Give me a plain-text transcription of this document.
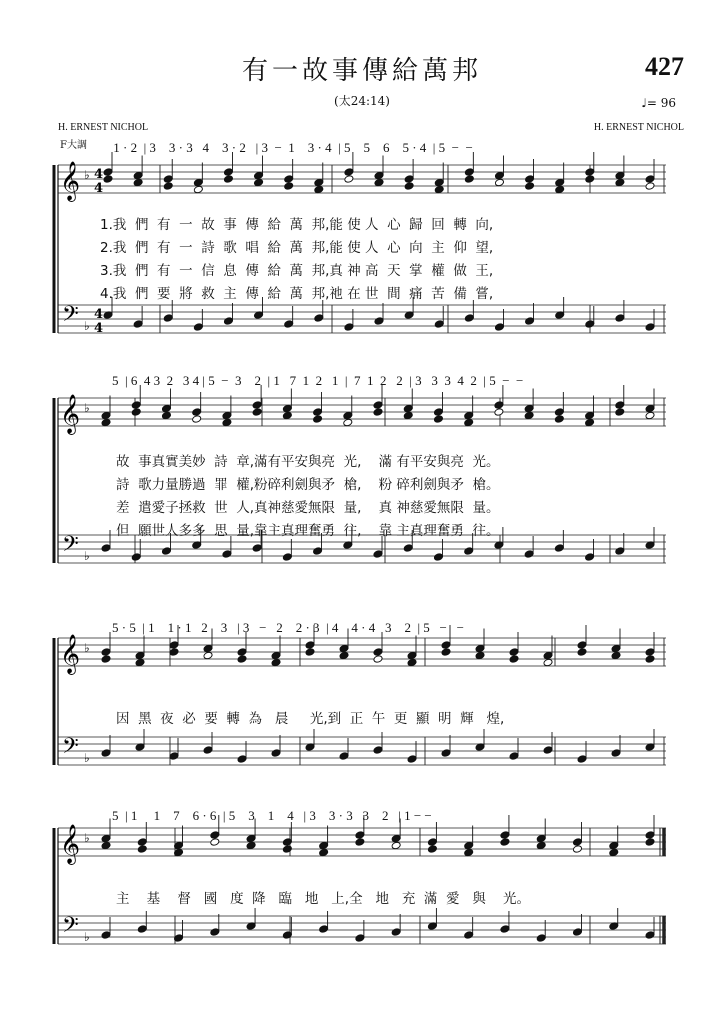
有一故事傳給萬邦	427
(太24:14)	♩= 96
H. ERNEST NICHOL	H. ERNEST NICHOL
F大調 1 · 2  | 3    3 · 3   4    3 · 2   | 3  −  1    3 · 4  | 5    5    6    5 · 4  | 5  −  −
1.我  們  有  一  故  事  傳  給  萬  邦,能 使 人  心  歸  回  轉  向,
2.我  們  有  一  詩  歌  唱  給  萬  邦,能 使 人  心  向  主  仰  望,
3.我  們  有  一  信  息  傳  給  萬  邦,真 神 高  天  掌  權  做  王,
4.我  們  要  將  救  主  傳  給  萬  邦,祂 在 世  間  痛  苦  備  嘗,
5  | 6  4 3  2   3 4 | 5  −  3    2  | 1   7  1  2   1  |  7  1  2   2  | 3   3  3  4  2  | 5  −  −
故  事真實美妙  詩  章,滿有平安與亮  光,    滿 有平安與亮  光。
詩  歌力量勝過  罪  權,粉碎利劍與矛  槍,    粉 碎利劍與矛  槍。
差  遣愛子拯救  世  人,真神慈愛無限  量,    真 神慈愛無限  量。
但  願世人多多  思  量,靠主真理奮勇  往,    靠 主真理奮勇  往。
5 · 5  | 1    1 · 1   2    3   | 3   −   2    2 · 3  | 4    4 · 4   3    2  | 5   −   −
因  黑  夜  必  要  轉  為   晨     光,到  正  午  更  顯  明  輝   煌,
5  | 1     1    7    6 · 6  | 5    3    1    4   | 3    3 · 3   3    2   | 1 − −
主    基    督   國   度  降   臨   地   上,全   地   充  滿  愛   與    光。
𝄞
𝄢
♭
♭
4
4
4
4
𝄞
𝄢
♭
♭
𝄞
𝄢
♭
♭
𝄞
𝄢
♭
♭
